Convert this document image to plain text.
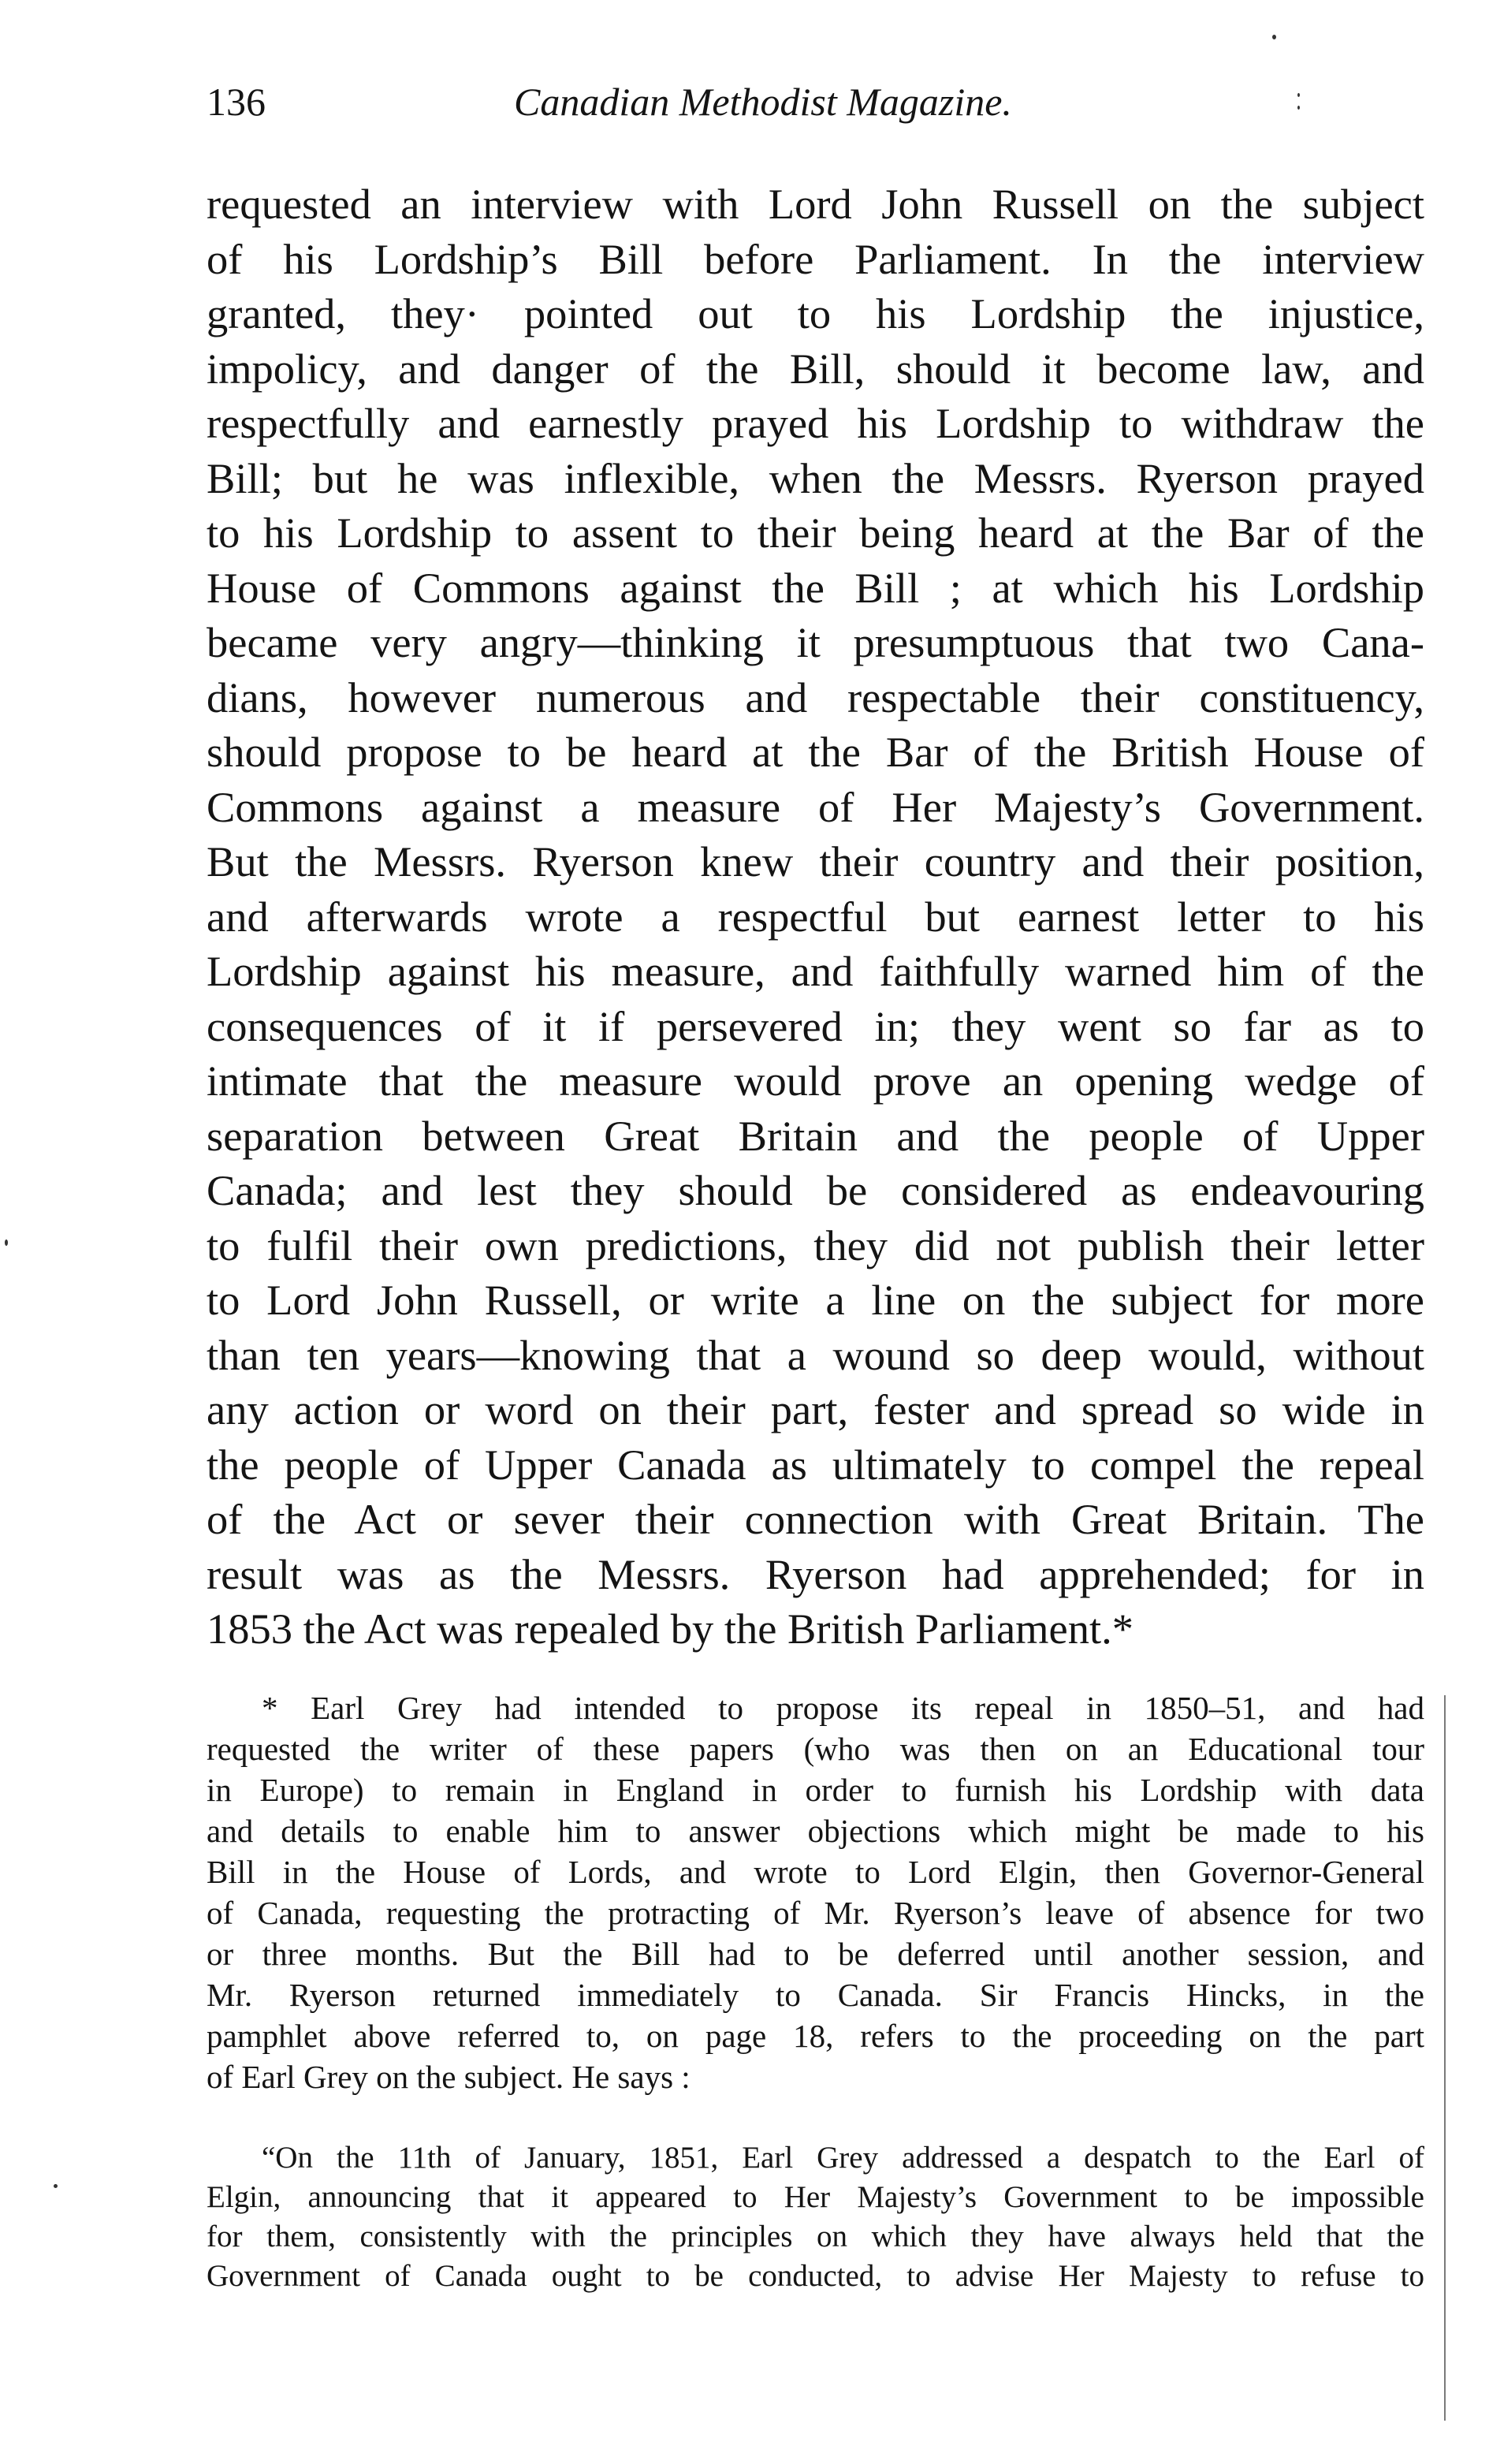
136	Canadian Methodist Magazine.
requested an interview with Lord John Russell on the subject
of his Lordship’s Bill before Parliament. In the interview
granted, they· pointed out to his Lordship the injustice,
impolicy, and danger of the Bill, should it become law, and
respectfully and earnestly prayed his Lordship to withdraw the
Bill; but he was inflexible, when the Messrs. Ryerson prayed
to his Lordship to assent to their being heard at the Bar of the
House of Commons against the Bill ; at which his Lordship
became very angry—thinking it presumptuous that two Cana-
dians, however numerous and respectable their constituency,
should propose to be heard at the Bar of the British House of
Commons against a measure of Her Majesty’s Government.
But the Messrs. Ryerson knew their country and their position,
and afterwards wrote a respectful but earnest letter to his
Lordship against his measure, and faithfully warned him of the
consequences of it if persevered in; they went so far as to
intimate that the measure would prove an opening wedge of
separation between Great Britain and the people of Upper
Canada; and lest they should be considered as endeavouring
to fulfil their own predictions, they did not publish their letter
to Lord John Russell, or write a line on the subject for more
than ten years—knowing that a wound so deep would, without
any action or word on their part, fester and spread so wide in
the people of Upper Canada as ultimately to compel the repeal
of the Act or sever their connection with Great Britain. The
result was as the Messrs. Ryerson had apprehended; for in
1853 the Act was repealed by the British Parliament.*
* Earl Grey had intended to propose its repeal in 1850–51, and had
requested the writer of these papers (who was then on an Educational tour
in Europe) to remain in England in order to furnish his Lordship with data
and details to enable him to answer objections which might be made to his
Bill in the House of Lords, and wrote to Lord Elgin, then Governor-General
of Canada, requesting the protracting of Mr. Ryerson’s leave of absence for two
or three months. But the Bill had to be deferred until another session, and
Mr. Ryerson returned immediately to Canada. Sir Francis Hincks, in the
pamphlet above referred to, on page 18, refers to the proceeding on the part
of Earl Grey on the subject. He says :
“On the 11th of January, 1851, Earl Grey addressed a despatch to the Earl of
Elgin, announcing that it appeared to Her Majesty’s Government to be impossible
for them, consistently with the principles on which they have always held that the
Government of Canada ought to be conducted, to advise Her Majesty to refuse to
